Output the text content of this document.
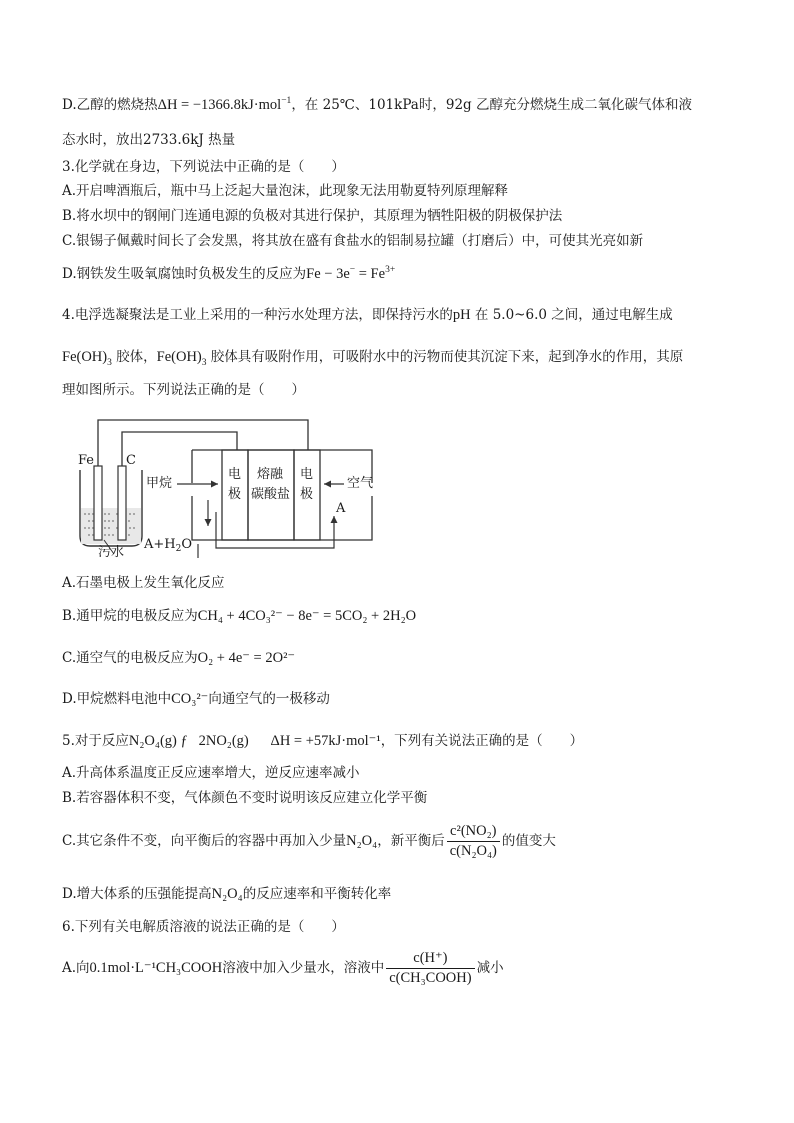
D.乙醇的燃烧热ΔH = −1366.8kJ·mol$^{-1}$，在 25℃、101kPa时，92g 乙醇充分燃烧生成二氧化碳气体和液
态水时，放出2733.6kJ 热量
3.化学就在身边，下列说法中正确的是（　　）
A.开启啤酒瓶后，瓶中马上泛起大量泡沫，此现象无法用勒夏特列原理解释
B.将水坝中的钢闸门连通电源的负极对其进行保护，其原理为牺牲阳极的阴极保护法
C.银锡子佩戴时间长了会发黑，将其放在盛有食盐水的铝制易拉罐（打磨后）中，可使其光亮如新
D.钢铁发生吸氧腐蚀时负极发生的反应为$Fe - 3e^- = Fe^{3+}$
4.电浮选凝聚法是工业上采用的一种污水处理方法，即保持污水的pH 在 5.0~6.0 之间，通过电解生成
$Fe(OH)_3$ 胶体，$Fe(OH)_3$ 胶体具有吸附作用，可吸附水中的污物而使其沉淀下来，起到净水的作用，其原
理如图所示。下列说法正确的是（　　）
Fe C
污水
电
极
熔融
碳酸盐
电
极
甲烷	空气
A
$A+H_2O$
A.石墨电极上发生氧化反应
B.通甲烷的电极反应为CH₄ + 4CO₃²⁻ − 8e⁻ = 5CO₂ + 2H₂O
C.通空气的电极反应为O₂ + 4e⁻ = 2O²⁻
D.甲烷燃料电池中CO₃²⁻向通空气的一极移动
5.对于反应N₂O₄(g) ƒ   2NO₂(g)      ΔH = +57kJ·mol⁻¹，下列有关说法正确的是（　　）
A.升高体系温度正反应速率增大，逆反应速率减小
B.若容器体积不变，气体颜色不变时说明该反应建立化学平衡
C.其它条件不变，向平衡后的容器中再加入少量N₂O₄，新平衡后 $\frac{\text{c²(NO₂)}}{\text{c(N₂O₄)}}$ 的值变大
D.增大体系的压强能提高N₂O₄的反应速率和平衡转化率
6.下列有关电解质溶液的说法正确的是（　　）
A.向0.1mol·L⁻¹CH₃COOH溶液中加入少量水，溶液中 $\frac{c(H^+)}{\text{c(CH₃COOH)}}$ 减小
